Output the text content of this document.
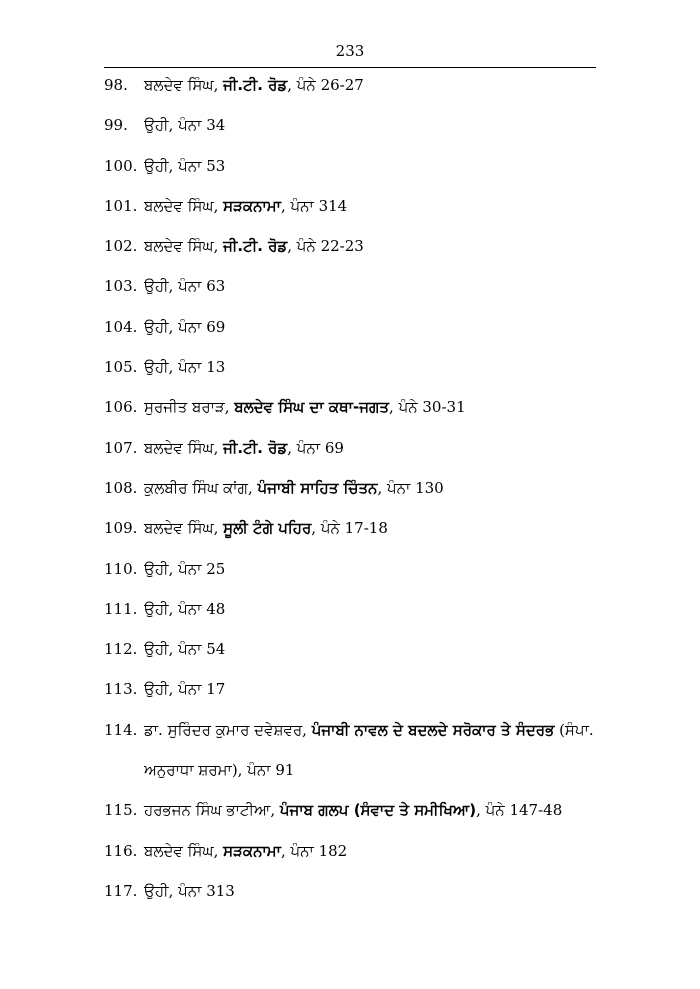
233
98. ਬਲਦੇਵ ਸਿੰਘ, ਜੀ.ਟੀ. ਰੋਡ, ਪੰਨੇ 26-27
99. ਉਹੀ, ਪੰਨਾ 34
100. ਉਹੀ, ਪੰਨਾ 53
101. ਬਲਦੇਵ ਸਿੰਘ, ਸੜਕਨਾਮਾ, ਪੰਨਾ 314
102. ਬਲਦੇਵ ਸਿੰਘ, ਜੀ.ਟੀ. ਰੋਡ, ਪੰਨੇ 22-23
103. ਉਹੀ, ਪੰਨਾ 63
104. ਉਹੀ, ਪੰਨਾ 69
105. ਉਹੀ, ਪੰਨਾ 13
106. ਸੁਰਜੀਤ ਬਰਾੜ, ਬਲਦੇਵ ਸਿੰਘ ਦਾ ਕਥਾ-ਜਗਤ, ਪੰਨੇ 30-31
107. ਬਲਦੇਵ ਸਿੰਘ, ਜੀ.ਟੀ. ਰੋਡ, ਪੰਨਾ 69
108. ਕੁਲਬੀਰ ਸਿੰਘ ਕਾਂਗ, ਪੰਜਾਬੀ ਸਾਹਿਤ ਚਿੰਤਨ, ਪੰਨਾ 130
109. ਬਲਦੇਵ ਸਿੰਘ, ਸੂਲੀ ਟੰਗੇ ਪਹਿਰ, ਪੰਨੇ 17-18
110. ਉਹੀ, ਪੰਨਾ 25
111. ਉਹੀ, ਪੰਨਾ 48
112. ਉਹੀ, ਪੰਨਾ 54
113. ਉਹੀ, ਪੰਨਾ 17
114. ਡਾ. ਸੁਰਿੰਦਰ ਕੁਮਾਰ ਦਵੇਸ਼ਵਰ, ਪੰਜਾਬੀ ਨਾਵਲ ਦੇ ਬਦਲਦੇ ਸਰੋਕਾਰ ਤੇ ਸੰਦਰਭ (ਸੰਪਾ. ਅਨੁਰਾਧਾ ਸ਼ਰਮਾ), ਪੰਨਾ 91
115. ਹਰਭਜਨ ਸਿੰਘ ਭਾਟੀਆ, ਪੰਜਾਬ ਗਲਪ (ਸੰਵਾਦ ਤੇ ਸਮੀਖਿਆ), ਪੰਨੇ 147-48
116. ਬਲਦੇਵ ਸਿੰਘ, ਸੜਕਨਾਮਾ, ਪੰਨਾ 182
117. ਉਹੀ, ਪੰਨਾ 313
